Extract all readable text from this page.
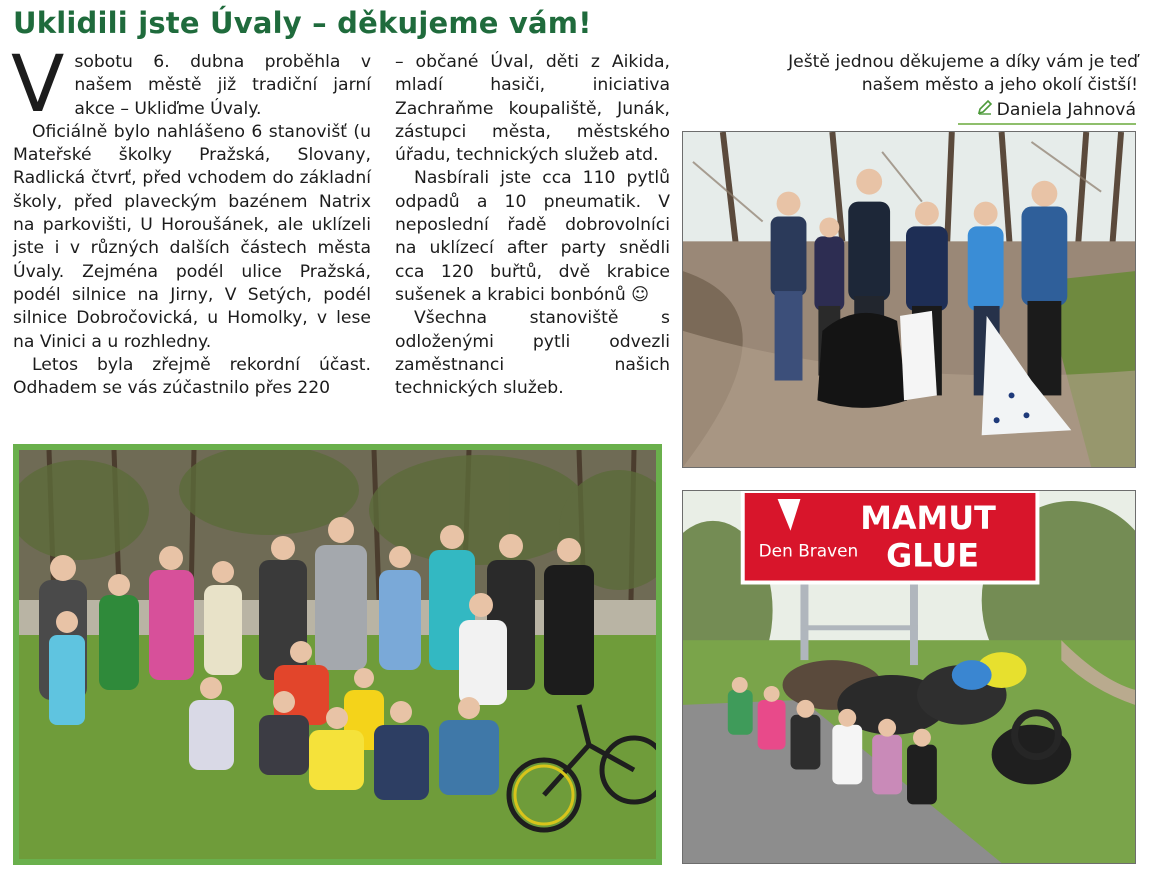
Uklidili jste Úvaly – děkujeme vám!

Vsobotu 6. dubna proběhla v našem městě již tradiční jarní akce – Ukliďme Úvaly.

Oficiálně bylo nahlášeno 6 stanovišť (u Mateřské školky Pražská, Slovany, Radlická čtvrť, před vchodem do základní školy, před plaveckým bazénem Natrix na parkovišti, U Horoušánek, ale uklízeli jste i v různých dalších částech města Úvaly. Zejména podél ulice Pražská, podél silnice na Jirny, V Setých, podél silnice Dobročovická, u Homolky, v lese na Vinici a u rozhledny.

Letos byla zřejmě rekordní účast. Odhadem se vás zúčastnilo přes 220

– občané Úval, děti z Aikida, mladí hasiči, iniciativa Zachraňme koupaliště, Junák, zástupci města, městského úřadu, technických služeb atd.

Nasbírali jste cca 110 pytlů odpadů a 10 pneumatik. V neposlední řadě dobrovolníci na uklízecí after party snědli cca 120 buřtů, dvě krabice sušenek a krabici bonbónů ☺

Všechna stanoviště s odloženými pytli odvezli zaměstnanci našich technických služeb.

Ještě jednou děkujeme a díky vám je teď našem město a jeho okolí čistší!

Daniela Jahnová
Den Braven
MAMUT
GLUE
